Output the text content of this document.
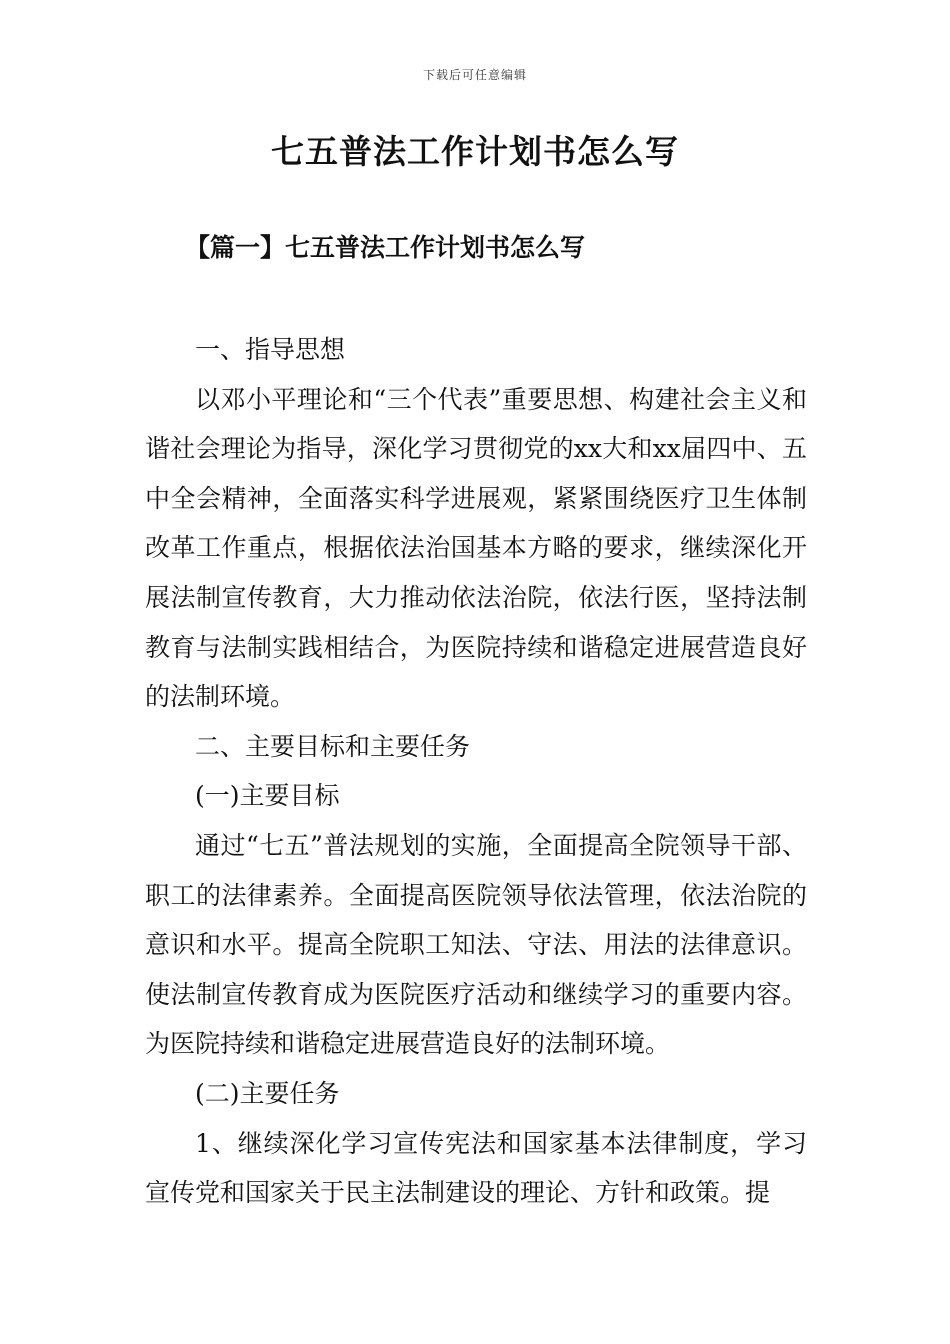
下载后可任意编辑
七五普法工作计划书怎么写
【篇一】七五普法工作计划书怎么写

一、指导思想

以邓小平理论和“三个代表”重要思想、构建社会主义和谐社会理论为指导，深化学习贯彻党的xx大和xx届四中、五中全会精神，全面落实科学进展观，紧紧围绕医疗卫生体制改革工作重点，根据依法治国基本方略的要求，继续深化开展法制宣传教育，大力推动依法治院，依法行医，坚持法制教育与法制实践相结合，为医院持续和谐稳定进展营造良好的法制环境。

二、主要目标和主要任务

(一)主要目标

通过“七五”普法规划的实施，全面提高全院领导干部、职工的法律素养。全面提高医院领导依法管理，依法治院的意识和水平。提高全院职工知法、守法、用法的法律意识。使法制宣传教育成为医院医疗活动和继续学习的重要内容。为医院持续和谐稳定进展营造良好的法制环境。

(二)主要任务

1、继续深化学习宣传宪法和国家基本法律制度，学习宣传党和国家关于民主法制建设的理论、方针和政策。提
